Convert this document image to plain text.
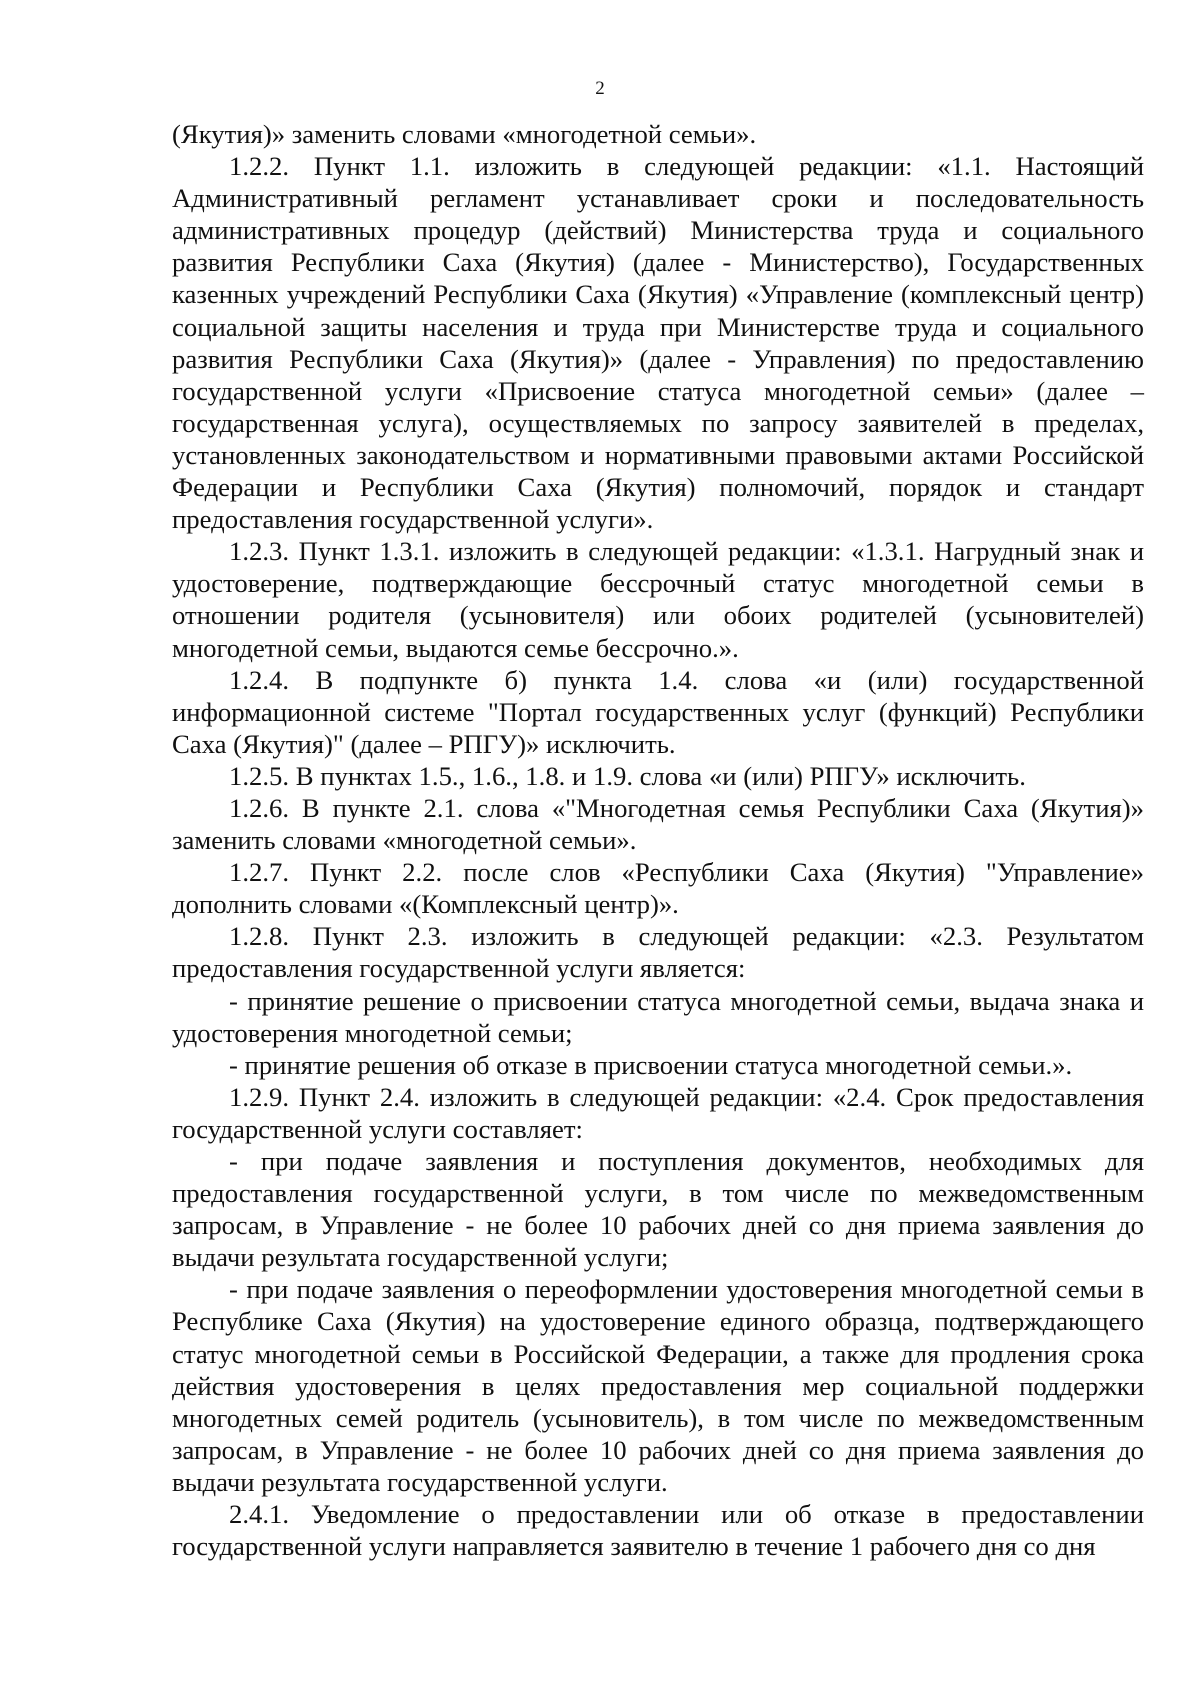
2

(Якутия)» заменить словами «многодетной семьи».

1.2.2. Пункт 1.1. изложить в следующей редакции: «1.1. Настоящий Административный регламент устанавливает сроки и последовательность административных процедур (действий) Министерства труда и социального развития Республики Саха (Якутия) (далее - Министерство), Государственных казенных учреждений Республики Саха (Якутия) «Управление (комплексный центр) социальной защиты населения и труда при Министерстве труда и социального развития Республики Саха (Якутия)» (далее - Управления) по предоставлению государственной услуги «Присвоение статуса многодетной семьи» (далее – государственная услуга), осуществляемых по запросу заявителей в пределах, установленных законодательством и нормативными правовыми актами Российской Федерации и Республики Саха (Якутия) полномочий, порядок и стандарт предоставления государственной услуги».

1.2.3. Пункт 1.3.1. изложить в следующей редакции: «1.3.1. Нагрудный знак и удостоверение, подтверждающие бессрочный статус многодетной семьи в отношении родителя (усыновителя) или обоих родителей (усыновителей) многодетной семьи, выдаются семье бессрочно.».

1.2.4. В подпункте б) пункта 1.4. слова «и (или) государственной информационной системе "Портал государственных услуг (функций) Республики Саха (Якутия)" (далее – РПГУ)» исключить.

1.2.5. В пунктах 1.5., 1.6., 1.8. и 1.9. слова «и (или) РПГУ» исключить.

1.2.6. В пункте 2.1. слова «"Многодетная семья Республики Саха (Якутия)» заменить словами «многодетной семьи».

1.2.7. Пункт 2.2. после слов «Республики Саха (Якутия) "Управление» дополнить словами «(Комплексный центр)».

1.2.8. Пункт 2.3. изложить в следующей редакции: «2.3. Результатом предоставления государственной услуги является:

- принятие решение о присвоении статуса многодетной семьи, выдача знака и удостоверения многодетной семьи;

- принятие решения об отказе в присвоении статуса многодетной семьи.».

1.2.9. Пункт 2.4. изложить в следующей редакции: «2.4. Срок предоставления государственной услуги составляет:

- при подаче заявления и поступления документов, необходимых для предоставления государственной услуги, в том числе по межведомственным запросам, в Управление - не более 10 рабочих дней со дня приема заявления до выдачи результата государственной услуги;

- при подаче заявления о переоформлении удостоверения многодетной семьи в Республике Саха (Якутия) на удостоверение единого образца, подтверждающего статус многодетной семьи в Российской Федерации, а также для продления срока действия удостоверения в целях предоставления мер социальной поддержки многодетных семей родитель (усыновитель), в том числе по межведомственным запросам, в Управление - не более 10 рабочих дней со дня приема заявления до выдачи результата государственной услуги.

2.4.1. Уведомление о предоставлении или об отказе в предоставлении государственной услуги направляется заявителю в течение 1 рабочего дня со дня
